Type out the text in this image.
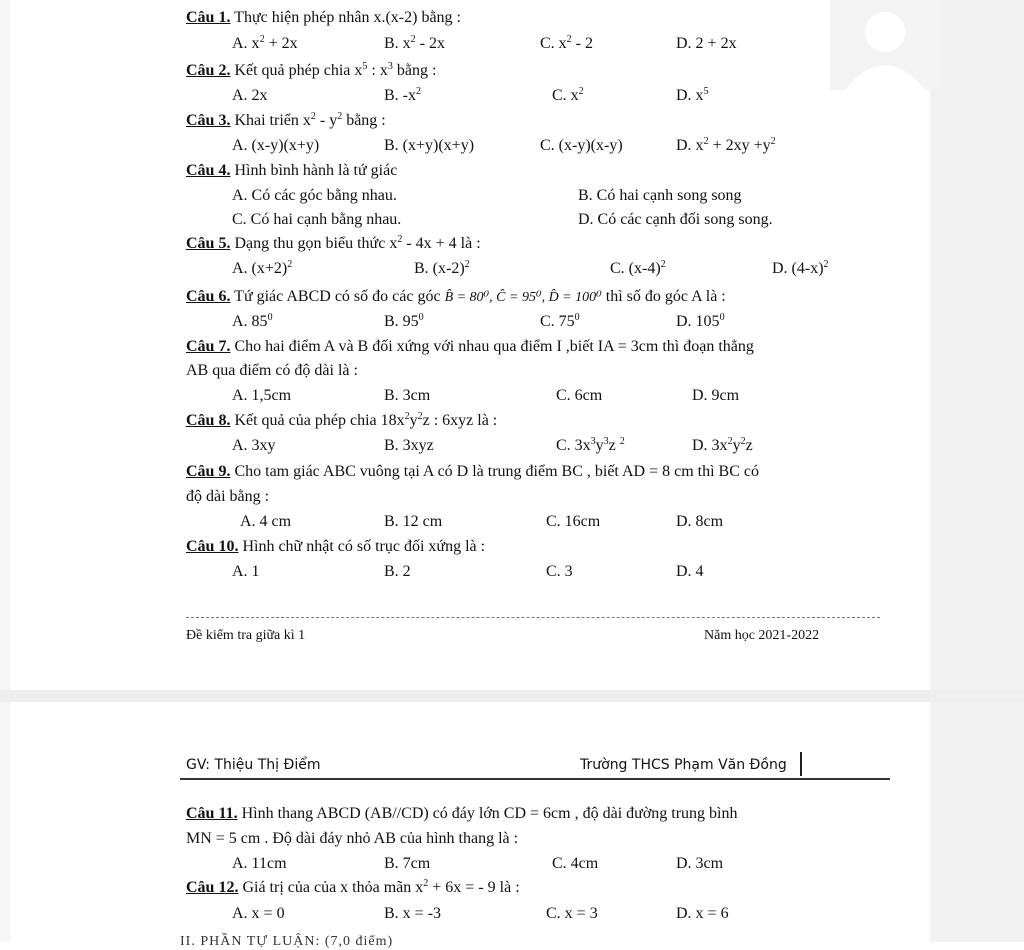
Câu 1. Thực hiện phép nhân x.(x-2) bằng :
A. $x^2 + 2x$	B. $x^2 - 2x$	C. $x^2 - 2$	D. 2 + 2x
Câu 2. Kết quả phép chia $x^5$ : $x^3$ bằng :
A. 2x	B. $-x^2$	C. $x^2$	D. $x^5$
Câu 3. Khai triển $x^2 - y^2$ bằng :
A. (x-y)(x+y)	B. (x+y)(x+y)	C. (x-y)(x-y)	D. $x^2 + 2xy +y^2$
Câu 4. Hình bình hành là tứ giác
A. Có các góc bằng nhau.	B. Có hai cạnh song song
C. Có hai cạnh bằng nhau.	D. Có các cạnh đối song song.
Câu 5. Dạng thu gọn biểu thức $x^2 - 4x + 4$ là :
A. $(x+2)^2$	B. $(x-2)^2$	C. $(x-4)^2$	D. $(4-x)^2$
Câu 6. Tứ giác ABCD có số đo các góc B̂ = 80⁰, Ĉ = 95⁰, D̂ = 100⁰ thì số đo góc A là :
A. $85^0$	B. $95^0$	C. $75^0$	D. $105^0$
Câu 7. Cho hai điểm A và B đối xứng với nhau qua điểm I ,biết IA = 3cm thì đoạn thẳng
AB qua điểm có độ dài là :
A. 1,5cm	B. 3cm	C. 6cm	D. 9cm
Câu 8. Kết quả của phép chia $18x^2y^2z$ : 6xyz là :
A. 3xy	B. 3xyz	C. $3x^3y^3z$ $^2$	D. $3x^2y^2z$
Câu 9. Cho tam giác ABC vuông tại A có D là trung điểm BC , biết AD = 8 cm thì BC có
độ dài bằng :
A. 4 cm	B. 12 cm	C. 16cm	D. 8cm
Câu 10. Hình chữ nhật có số trục đối xứng là :
A. 1	B. 2	C. 3	D. 4
Đề kiểm tra giữa kì 1	Năm học 2021-2022
GV: Thiệu Thị Điểm	Trường THCS Phạm Văn Đồng
Câu 11. Hình thang ABCD (AB//CD) có đáy lớn CD = 6cm , độ dài đường trung bình
MN = 5 cm . Độ dài đáy nhỏ AB của hình thang là :
A. 11cm	B. 7cm	C. 4cm	D. 3cm
Câu 12. Giá trị của của x thỏa mãn $x^2 + 6x$ = - 9 là :
A. x = 0	B. x = -3	C. x = 3	D. x = 6
II. PHẦN TỰ LUẬN: (7,0 điểm)
